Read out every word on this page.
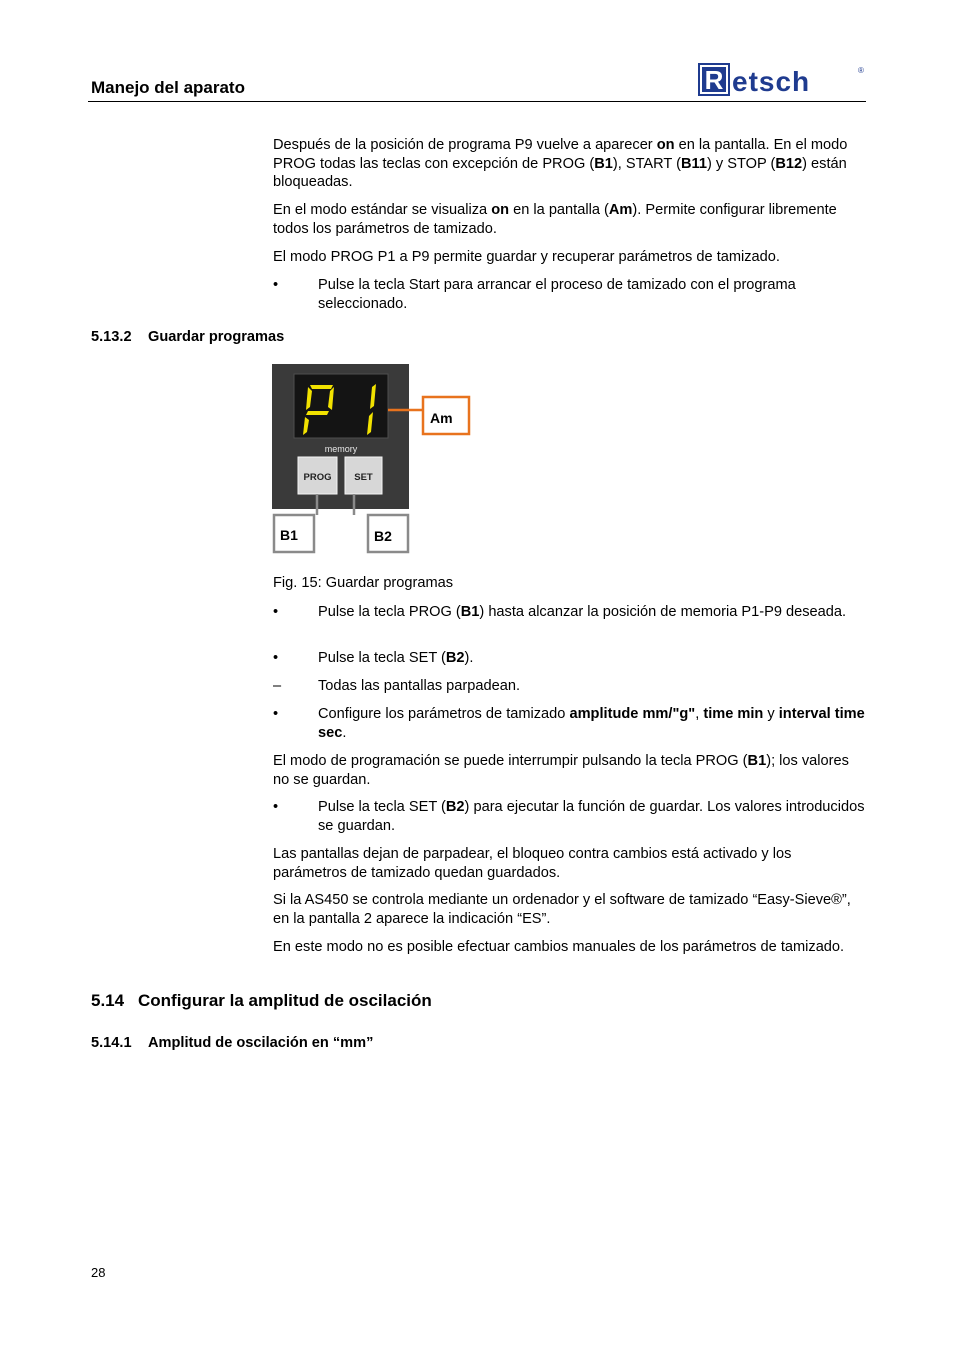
Manejo del aparato	R etsch	®
Después de la posición de programa P9 vuelve a aparecer on en la pantalla. En el modo PROG todas las teclas con excepción de PROG (B1), START (B11) y STOP (B12) están bloqueadas.
En el modo estándar se visualiza on en la pantalla (Am). Permite configurar libremente todos los parámetros de tamizado.
El modo PROG P1 a P9 permite guardar y recuperar parámetros de tamizado.
•	Pulse la tecla Start para arrancar el proceso de tamizado con el programa seleccionado.
5.13.2 Guardar programas
memory
PROG SET
Am
B1	B2
Fig. 15: Guardar programas
•	Pulse la tecla PROG (B1) hasta alcanzar la posición de memoria P1-P9 deseada.
•	Pulse la tecla SET (B2).
–	Todas las pantallas parpadean.
•	Configure los parámetros de tamizado amplitude mm/"g", time min y interval time sec.
El modo de programación se puede interrumpir pulsando la tecla PROG (B1); los valores no se guardan.
•	Pulse la tecla SET (B2) para ejecutar la función de guardar. Los valores introducidos se guardan.
Las pantallas dejan de parpadear, el bloqueo contra cambios está activado y los parámetros de tamizado quedan guardados.
Si la AS450 se controla mediante un ordenador y el software de tamizado “Easy-Sieve®”, en la pantalla 2 aparece la indicación “ES”.
En este modo no es posible efectuar cambios manuales de los parámetros de tamizado.
5.14 Configurar la amplitud de oscilación
5.14.1 Amplitud de oscilación en “mm”
28
